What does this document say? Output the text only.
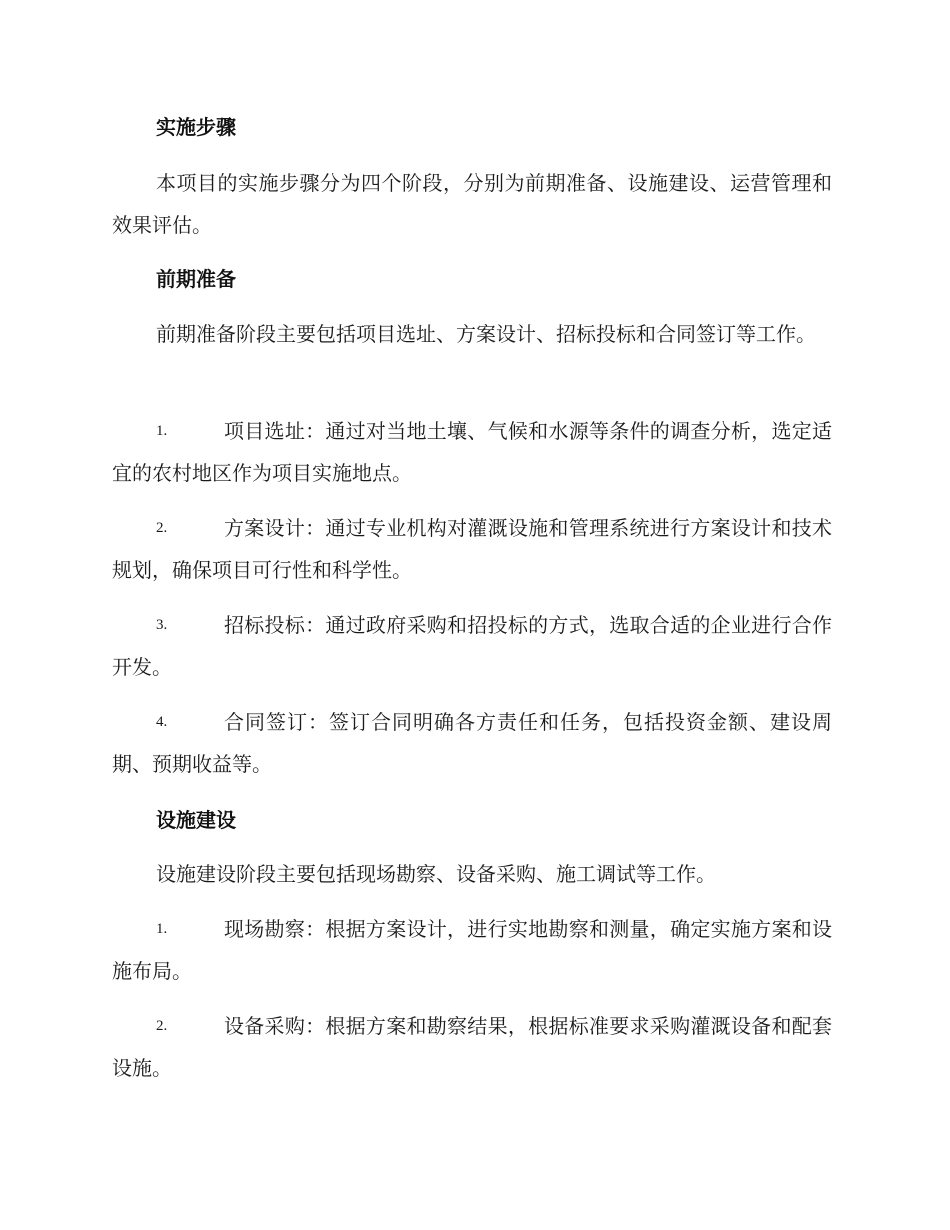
实施步骤
本项目的实施步骤分为四个阶段，分别为前期准备、设施建设、运营管理和效果评估。
前期准备
前期准备阶段主要包括项目选址、方案设计、招标投标和合同签订等工作。
1.	项目选址：通过对当地土壤、气候和水源等条件的调查分析，选定适宜的农村地区作为项目实施地点。
2.	方案设计：通过专业机构对灌溉设施和管理系统进行方案设计和技术规划，确保项目可行性和科学性。
3.	招标投标：通过政府采购和招投标的方式，选取合适的企业进行合作开发。
4.	合同签订：签订合同明确各方责任和任务，包括投资金额、建设周期、预期收益等。
设施建设
设施建设阶段主要包括现场勘察、设备采购、施工调试等工作。
1.	现场勘察：根据方案设计，进行实地勘察和测量，确定实施方案和设施布局。
2.	设备采购：根据方案和勘察结果，根据标准要求采购灌溉设备和配套设施。
